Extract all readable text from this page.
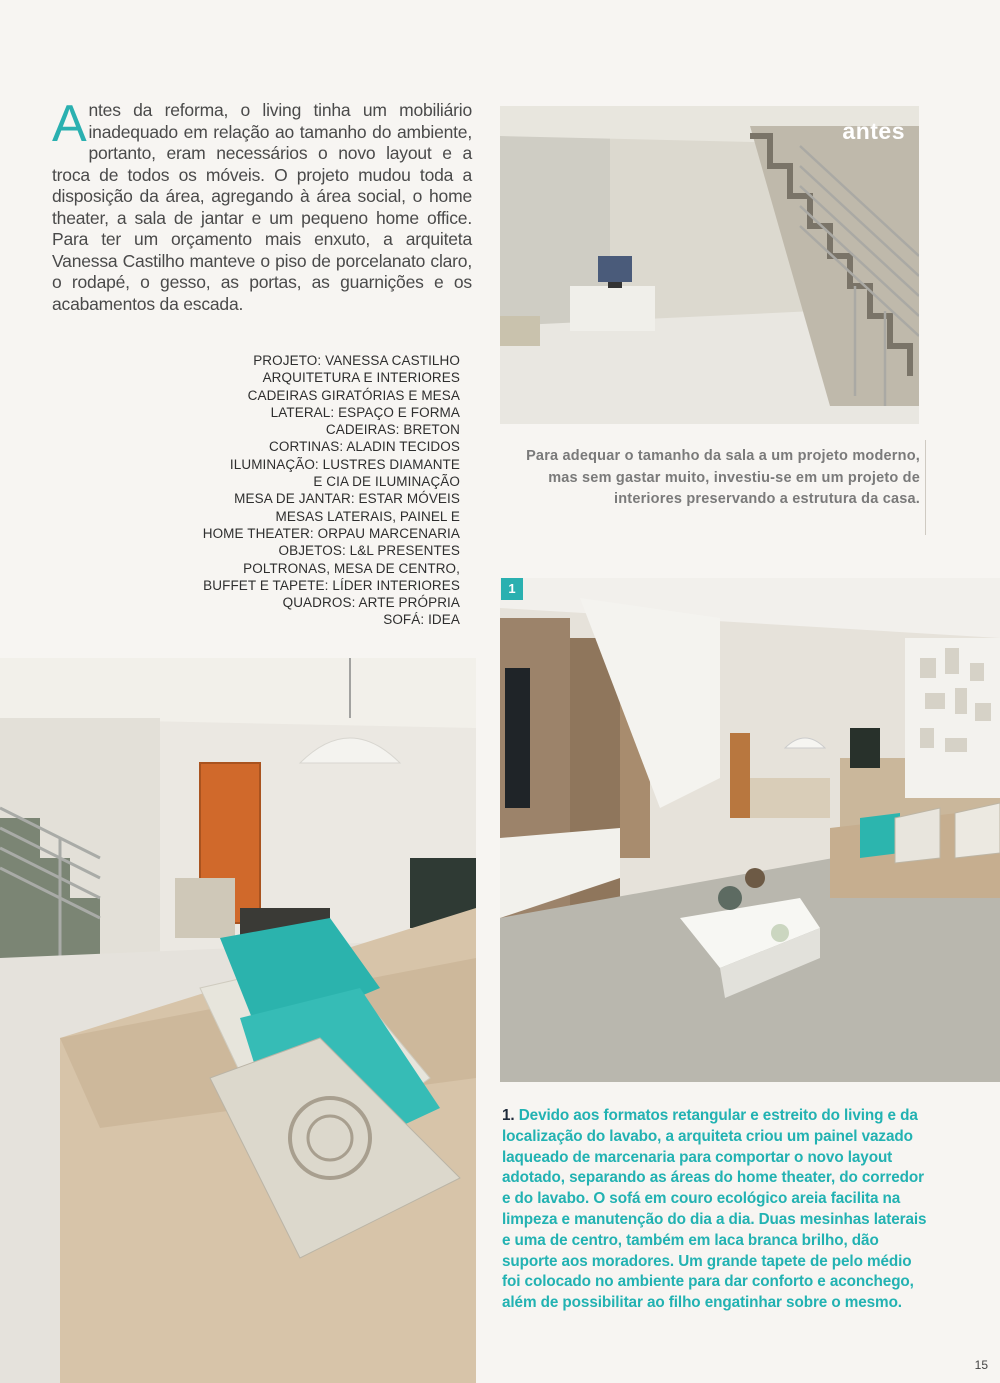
Antes da reforma, o living tinha um mobiliário inadequado em relação ao tamanho do ambiente, portanto, eram necessários o novo layout e a troca de todos os móveis. O projeto mudou toda a disposição da área, agregando à área social, o home theater, a sala de jantar e um pequeno home office. Para ter um orçamento mais enxuto, a arquiteta Vanessa Castilho manteve o piso de porcelanato claro, o rodapé, o gesso, as portas, as guarnições e os acabamentos da escada.
PROJETO: VANESSA CASTILHO
ARQUITETURA E INTERIORES
CADEIRAS GIRATÓRIAS E MESA
LATERAL: ESPAÇO E FORMA
CADEIRAS: BRETON
CORTINAS: ALADIN TECIDOS
ILUMINAÇÃO: LUSTRES DIAMANTE
E CIA DE ILUMINAÇÃO
MESA DE JANTAR: ESTAR MÓVEIS
MESAS LATERAIS, PAINEL E
HOME THEATER: ORPAU MARCENARIA
OBJETOS: L&L PRESENTES
POLTRONAS, MESA DE CENTRO,
BUFFET E TAPETE: LÍDER INTERIORES
QUADROS: ARTE PRÓPRIA
SOFÁ: IDEA
antes
Para adequar o tamanho da sala a um projeto moderno, mas sem gastar muito, investiu-se em um projeto de interiores preservando a estrutura da casa.
1
1. Devido aos formatos retangular e estreito do living e da localização do lavabo, a arquiteta criou um painel vazado laqueado de marcenaria para comportar o novo layout adotado, separando as áreas do home theater, do corredor e do lavabo. O sofá em couro ecológico areia facilita na limpeza e manutenção do dia a dia. Duas mesinhas laterais e uma de centro, também em laca branca brilho, dão suporte aos moradores. Um grande tapete de pelo médio foi colocado no ambiente para dar conforto e aconchego, além de possibilitar ao filho engatinhar sobre o mesmo.
15
